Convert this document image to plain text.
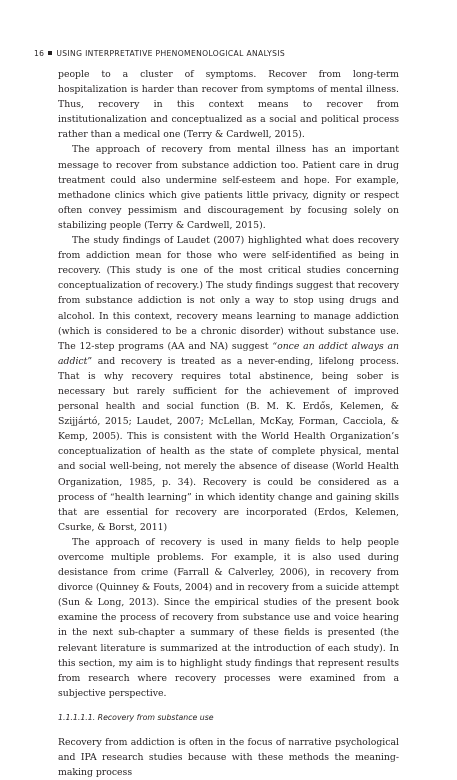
16 USING INTERPRETATIVE PHENOMENOLOGICAL ANALYSIS

people to a cluster of symptoms. Recover from long-term hospitalization is harder than recover from symptoms of mental illness. Thus, recovery in this context means to recover from institutionalization and conceptualized as a social and political process rather than a medical one (Terry & Cardwell, 2015).

The approach of recovery from mental illness has an important message to recover from substance addiction too. Patient care in drug treatment could also undermine self-esteem and hope. For example, methadone clinics which give patients little privacy, dignity or respect often convey pessimism and discouragement by focusing solely on stabilizing people (Terry & Cardwell, 2015).

The study findings of Laudet (2007) highlighted what does recovery from addiction mean for those who were self-identified as being in recovery. (This study is one of the most critical studies concerning conceptualization of recovery.) The study findings suggest that recovery from substance addiction is not only a way to stop using drugs and alcohol. In this context, recovery means learning to manage addiction (which is considered to be a chronic disorder) without substance use. The 12-step programs (AA and NA) suggest “once an addict always an addict” and recovery is treated as a never-ending, lifelong process. That is why recovery requires total abstinence, being sober is necessary but rarely sufficient for the achievement of improved personal health and social function (B. M. K. Erdős, Kelemen, & Szijjártó, 2015; Laudet, 2007; McLellan, McKay, Forman, Cacciola, & Kemp, 2005). This is consistent with the World Health Organization’s conceptualization of health as the state of complete physical, mental and social well-being, not merely the absence of disease (World Health Organization, 1985, p. 34). Recovery is could be considered as a process of “health learning” in which identity change and gaining skills that are essential for recovery are incorporated (Erdos, Kelemen, Csurke, & Borst, 2011)

The approach of recovery is used in many fields to help people overcome multiple problems. For example, it is also used during desistance from crime (Farrall & Calverley, 2006), in recovery from divorce (Quinney & Fouts, 2004) and in recovery from a suicide attempt (Sun & Long, 2013). Since the empirical studies of the present book examine the process of recovery from substance use and voice hearing in the next sub-chapter a summary of these fields is presented (the relevant literature is summarized at the introduction of each study). In this section, my aim is to highlight study findings that represent results from research where recovery processes were examined from a subjective perspective.

1.1.1.1.1. Recovery from substance use

Recovery from addiction is often in the focus of narrative psychological and IPA research studies because with these methods the meaning-making process
